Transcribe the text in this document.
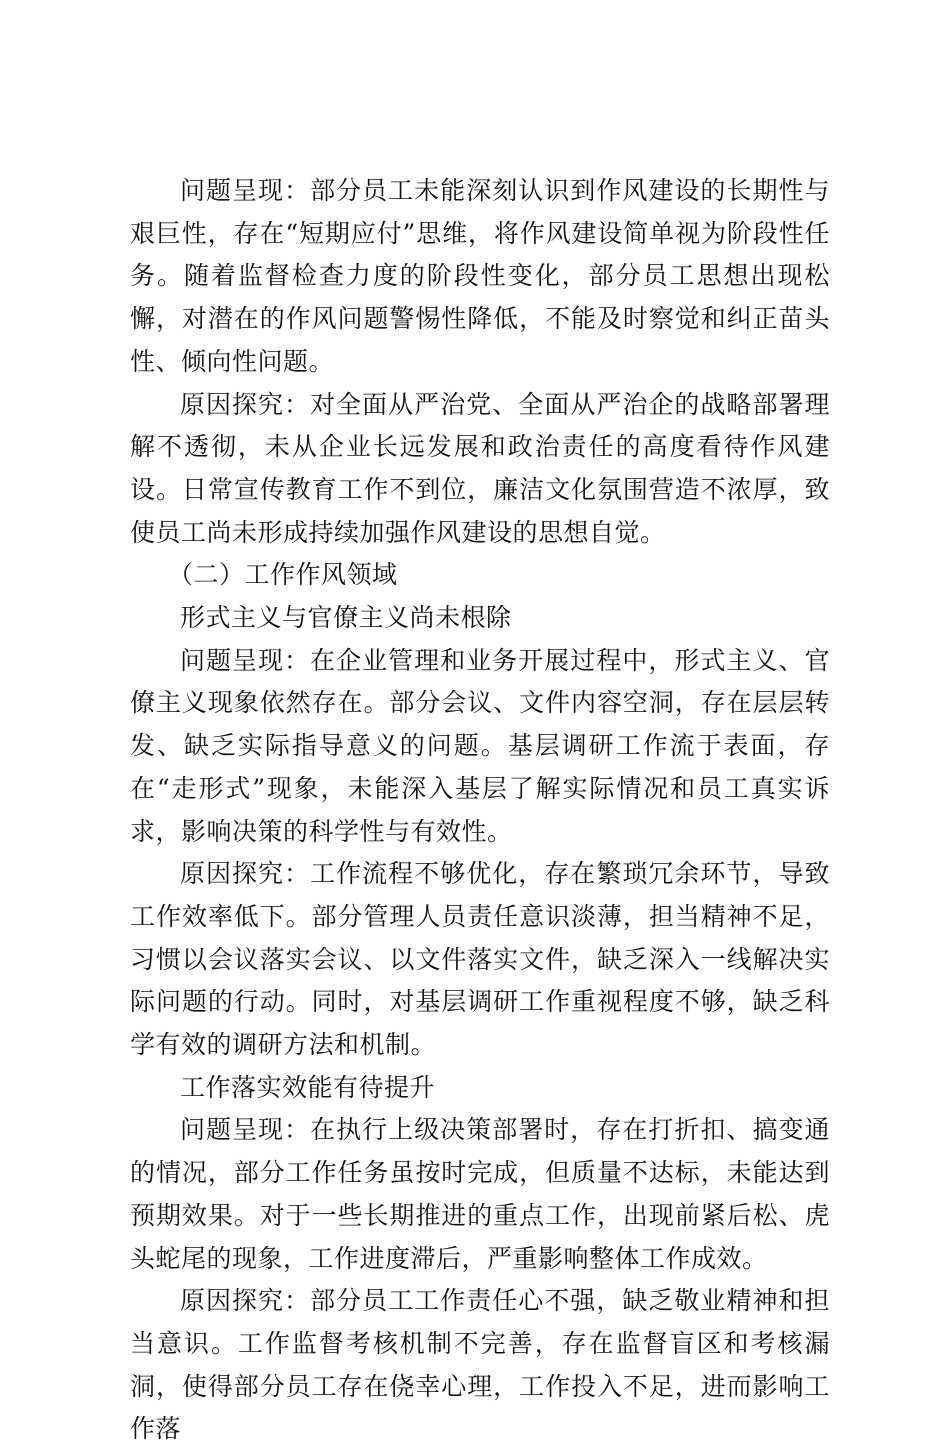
问题呈现：部分员工未能深刻认识到作风建设的长期性与艰巨性，存在“短期应付”思维，将作风建设简单视为阶段性任务。随着监督检查力度的阶段性变化，部分员工思想出现松懈，对潜在的作风问题警惕性降低，不能及时察觉和纠正苗头性、倾向性问题。

原因探究：对全面从严治党、全面从严治企的战略部署理解不透彻，未从企业长远发展和政治责任的高度看待作风建设。日常宣传教育工作不到位，廉洁文化氛围营造不浓厚，致使员工尚未形成持续加强作风建设的思想自觉。

（二）工作作风领域

形式主义与官僚主义尚未根除

问题呈现：在企业管理和业务开展过程中，形式主义、官僚主义现象依然存在。部分会议、文件内容空洞，存在层层转发、缺乏实际指导意义的问题。基层调研工作流于表面，存在“走形式”现象，未能深入基层了解实际情况和员工真实诉求，影响决策的科学性与有效性。

原因探究：工作流程不够优化，存在繁琐冗余环节，导致工作效率低下。部分管理人员责任意识淡薄，担当精神不足，习惯以会议落实会议、以文件落实文件，缺乏深入一线解决实际问题的行动。同时，对基层调研工作重视程度不够，缺乏科学有效的调研方法和机制。

工作落实效能有待提升

问题呈现：在执行上级决策部署时，存在打折扣、搞变通的情况，部分工作任务虽按时完成，但质量不达标，未能达到预期效果。对于一些长期推进的重点工作，出现前紧后松、虎头蛇尾的现象，工作进度滞后，严重影响整体工作成效。

原因探究：部分员工工作责任心不强，缺乏敬业精神和担当意识。工作监督考核机制不完善，存在监督盲区和考核漏洞，使得部分员工存在侥幸心理，工作投入不足，进而影响工作落
